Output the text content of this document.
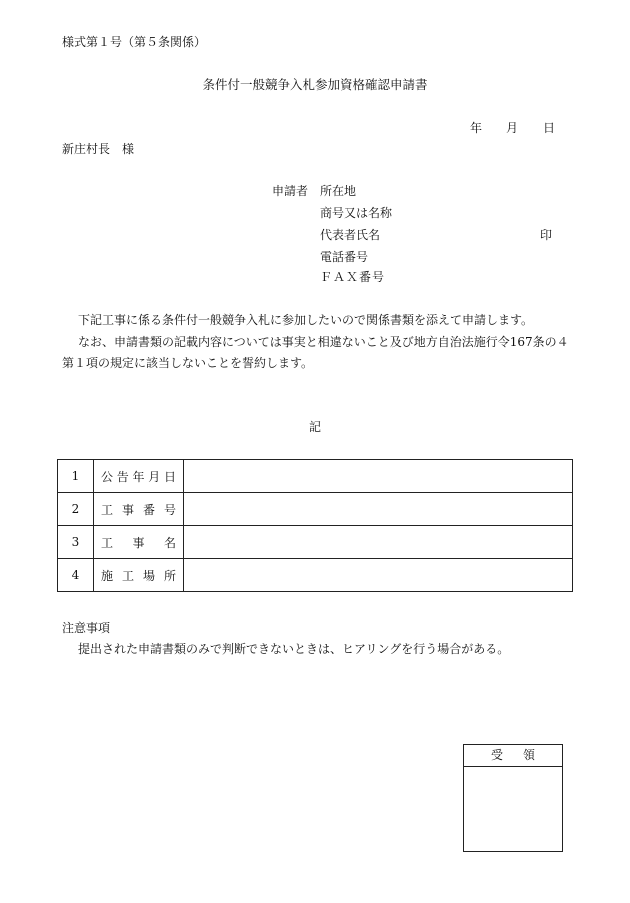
様式第１号（第５条関係）
条件付一般競争入札参加資格確認申請書
年 月 日
新庄村長　様
申請者 所在地
商号又は名称
代表者氏名
電話番号
ＦＡＸ番号
印
下記工事に係る条件付一般競争入札に参加したいので関係書類を添えて申請します。
なお、申請書類の記載内容については事実と相違ないこと及び地方自治法施行令167条の４
第１項の規定に該当しないことを誓約します。
記
1	公 告 年 月 日	

2	工 事 番 号	

3	工 事 名	

4	施 工 場 所	

注意事項
提出された申請書類のみで判断できないときは、ヒアリングを行う場合がある。
受領
